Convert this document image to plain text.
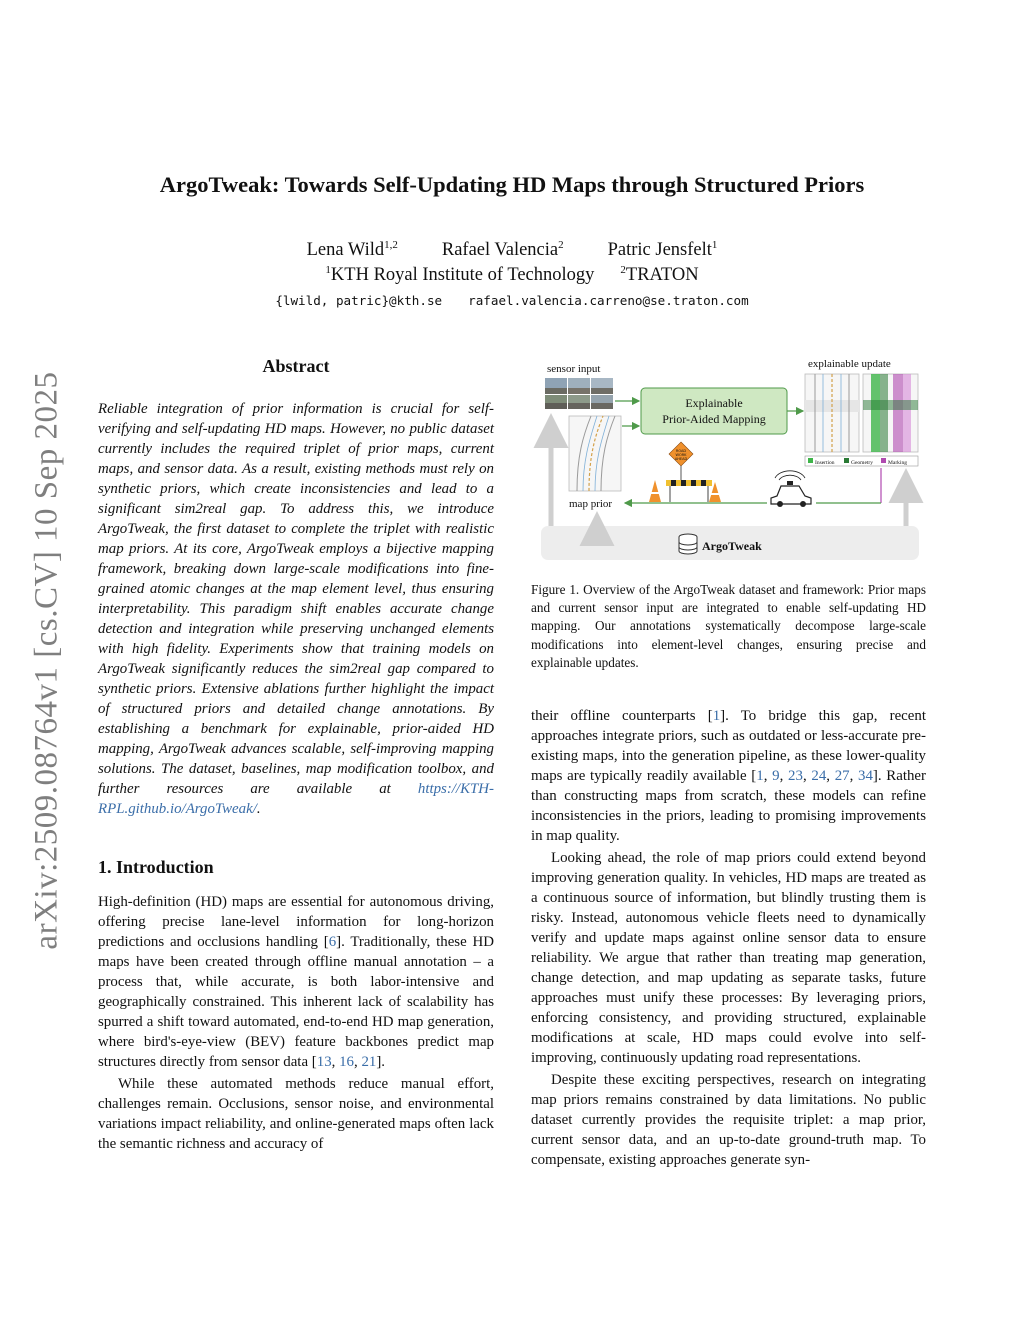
arXiv:2509.08764v1 [cs.CV] 10 Sep 2025
ArgoTweak: Towards Self-Updating HD Maps through Structured Priors
Lena Wild$^{1,2}$ Rafael Valencia$^2$ Patric Jensfelt$^1$
$^1$KTH Royal Institute of Technology $^2$TRATON
{lwild, patric}@kth.se rafael.valencia.carreno@se.traton.com
Abstract

Reliable integration of prior information is crucial for self-verifying and self-updating HD maps. However, no public dataset currently includes the required triplet of prior maps, current maps, and sensor data. As a result, existing methods must rely on synthetic priors, which create inconsistencies and lead to a significant sim2real gap. To address this, we introduce ArgoTweak, the first dataset to complete the triplet with realistic map priors. At its core, ArgoTweak employs a bijective mapping framework, breaking down large-scale modifications into fine-grained atomic changes at the map element level, thus ensuring interpretability. This paradigm shift enables accurate change detection and integration while preserving unchanged elements with high fidelity. Experiments show that training models on ArgoTweak significantly reduces the sim2real gap compared to synthetic priors. Extensive ablations further highlight the impact of structured priors and detailed change annotations. By establishing a benchmark for explainable, prior-aided HD mapping, ArgoTweak advances scalable, self-improving mapping solutions. The dataset, baselines, map modification toolbox, and further resources are available at https://KTH-RPL.github.io/ArgoTweak/.

1. Introduction

High-definition (HD) maps are essential for autonomous driving, offering precise lane-level information for long-horizon predictions and occlusions handling [6]. Traditionally, these HD maps have been created through offline manual annotation – a process that, while accurate, is both labor-intensive and geographically constrained. This inherent lack of scalability has spurred a shift toward automated, end-to-end HD map generation, where bird's-eye-view (BEV) feature backbones predict map structures directly from sensor data [13, 16, 21].

While these automated methods reduce manual effort, challenges remain. Occlusions, sensor noise, and environmental variations impact reliability, and online-generated maps often lack the semantic richness and accuracy of

ArgoTweak
sensor input
map prior
Explainable
Prior-Aided Mapping
explainable update
Insertion	Geometry	Marking
ROAD
WORK
AHEAD

Figure 1. Overview of the ArgoTweak dataset and framework: Prior maps and current sensor input are integrated to enable self-updating HD mapping. Our annotations systematically decompose large-scale modifications into element-level changes, ensuring precise and explainable updates.

their offline counterparts [1]. To bridge this gap, recent approaches integrate priors, such as outdated or less-accurate pre-existing maps, into the generation pipeline, as these lower-quality maps are typically readily available [1, 9, 23, 24, 27, 34]. Rather than constructing maps from scratch, these models can refine inconsistencies in the priors, leading to promising improvements in map quality.

Looking ahead, the role of map priors could extend beyond improving generation quality. In vehicles, HD maps are treated as a continuous source of information, but blindly trusting them is risky. Instead, autonomous vehicle fleets need to dynamically verify and update maps against online sensor data to ensure reliability. We argue that rather than treating map generation, change detection, and map updating as separate tasks, future approaches must unify these processes: By leveraging priors, enforcing consistency, and providing structured, explainable modifications at scale, HD maps could evolve into self-improving, continuously updating road representations.

Despite these exciting perspectives, research on integrating map priors remains constrained by data limitations. No public dataset currently provides the requisite triplet: a map prior, current sensor data, and an up-to-date ground-truth map. To compensate, existing approaches generate syn-
